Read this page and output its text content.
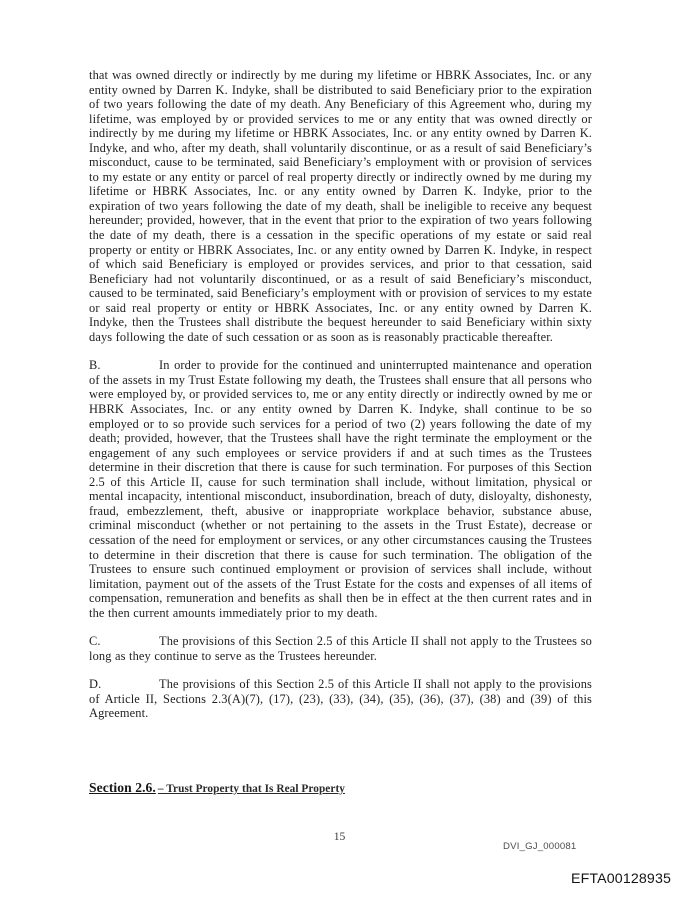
that was owned directly or indirectly by me during my lifetime or HBRK Associates, Inc. or any entity owned by Darren K. Indyke, shall be distributed to said Beneficiary prior to the expiration of two years following the date of my death. Any Beneficiary of this Agreement who, during my lifetime, was employed by or provided services to me or any entity that was owned directly or indirectly by me during my lifetime or HBRK Associates, Inc. or any entity owned by Darren K. Indyke, and who, after my death, shall voluntarily discontinue, or as a result of said Beneficiary’s misconduct, cause to be terminated, said Beneficiary’s employment with or provision of services to my estate or any entity or parcel of real property directly or indirectly owned by me during my lifetime or HBRK Associates, Inc. or any entity owned by Darren K. Indyke, prior to the expiration of two years following the date of my death, shall be ineligible to receive any bequest hereunder; provided, however, that in the event that prior to the expiration of two years following the date of my death, there is a cessation in the specific operations of my estate or said real property or entity or HBRK Associates, Inc. or any entity owned by Darren K. Indyke, in respect of which said Beneficiary is employed or provides services, and prior to that cessation, said Beneficiary had not voluntarily discontinued, or as a result of said Beneficiary’s misconduct, caused to be terminated, said Beneficiary’s employment with or provision of services to my estate or said real property or entity or HBRK Associates, Inc. or any entity owned by Darren K. Indyke, then the Trustees shall distribute the bequest hereunder to said Beneficiary within sixty days following the date of such cessation or as soon as is reasonably practicable thereafter.

B.	In order to provide for the continued and uninterrupted maintenance and operation of the assets in my Trust Estate following my death, the Trustees shall ensure that all persons who were employed by, or provided services to, me or any entity directly or indirectly owned by me or HBRK Associates, Inc. or any entity owned by Darren K. Indyke, shall continue to be so employed or to so provide such services for a period of two (2) years following the date of my death; provided, however, that the Trustees shall have the right terminate the employment or the engagement of any such employees or service providers if and at such times as the Trustees determine in their discretion that there is cause for such termination. For purposes of this Section 2.5 of this Article II, cause for such termination shall include, without limitation, physical or mental incapacity, intentional misconduct, insubordination, breach of duty, disloyalty, dishonesty, fraud, embezzlement, theft, abusive or inappropriate workplace behavior, substance abuse, criminal misconduct (whether or not pertaining to the assets in the Trust Estate), decrease or cessation of the need for employment or services, or any other circumstances causing the Trustees to determine in their discretion that there is cause for such termination. The obligation of the Trustees to ensure such continued employment or provision of services shall include, without limitation, payment out of the assets of the Trust Estate for the costs and expenses of all items of compensation, remuneration and benefits as shall then be in effect at the then current rates and in the then current amounts immediately prior to my death.

C.	The provisions of this Section 2.5 of this Article II shall not apply to the Trustees so long as they continue to serve as the Trustees hereunder.

D.	The provisions of this Section 2.5 of this Article II shall not apply to the provisions of Article II, Sections 2.3(A)(7), (17), (23), (33), (34), (35), (36), (37), (38) and (39) of this Agreement.

Section 2.6. – Trust Property that Is Real Property
15
DVI_GJ_000081
EFTA00128935
